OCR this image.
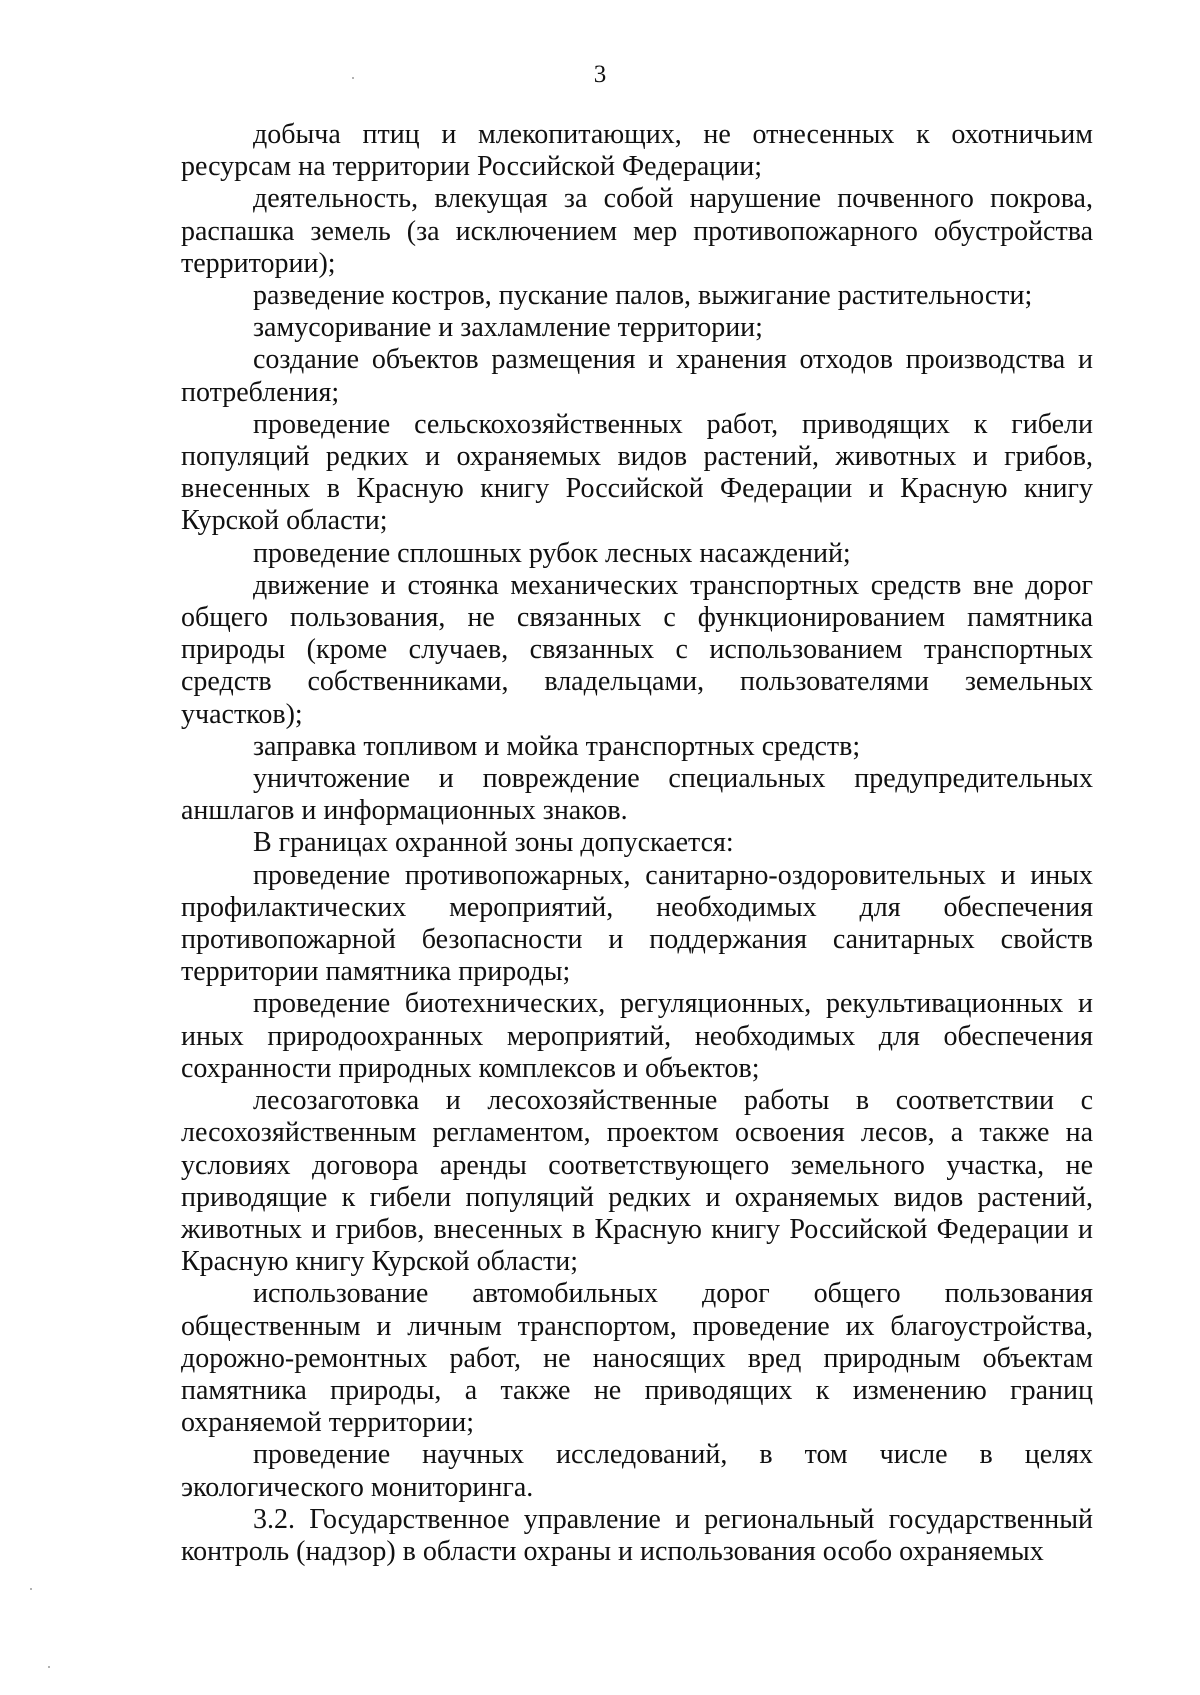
3

добыча птиц и млекопитающих, не отнесенных к охотничьим ресурсам на территории Российской Федерации;

деятельность, влекущая за собой нарушение почвенного покрова, распашка земель (за исключением мер противопожарного обустройства территории);

разведение костров, пускание палов, выжигание растительности;

замусоривание и захламление территории;

создание объектов размещения и хранения отходов производства и потребления;

проведение сельскохозяйственных работ, приводящих к гибели популяций редких и охраняемых видов растений, животных и грибов, внесенных в Красную книгу Российской Федерации и Красную книгу Курской области;

проведение сплошных рубок лесных насаждений;

движение и стоянка механических транспортных средств вне дорог общего пользования, не связанных с функционированием памятника природы (кроме случаев, связанных с использованием транспортных средств собственниками, владельцами, пользователями земельных участков);

заправка топливом и мойка транспортных средств;

уничтожение и повреждение специальных предупредительных аншлагов и информационных знаков.

В границах охранной зоны допускается:

проведение противопожарных, санитарно-оздоровительных и иных профилактических мероприятий, необходимых для обеспечения противопожарной безопасности и поддержания санитарных свойств территории памятника природы;

проведение биотехнических, регуляционных, рекультивационных и иных природоохранных мероприятий, необходимых для обеспечения сохранности природных комплексов и объектов;

лесозаготовка и лесохозяйственные работы в соответствии с лесохозяйственным регламентом, проектом освоения лесов, а также на условиях договора аренды соответствующего земельного участка, не приводящие к гибели популяций редких и охраняемых видов растений, животных и грибов, внесенных в Красную книгу Российской Федерации и Красную книгу Курской области;

использование автомобильных дорог общего пользования общественным и личным транспортом, проведение их благоустройства, дорожно-ремонтных работ, не наносящих вред природным объектам памятника природы, а также не приводящих к изменению границ охраняемой территории;

проведение научных исследований, в том числе в целях экологического мониторинга.

3.2. Государственное управление и региональный государственный контроль (надзор) в области охраны и использования особо охраняемых
